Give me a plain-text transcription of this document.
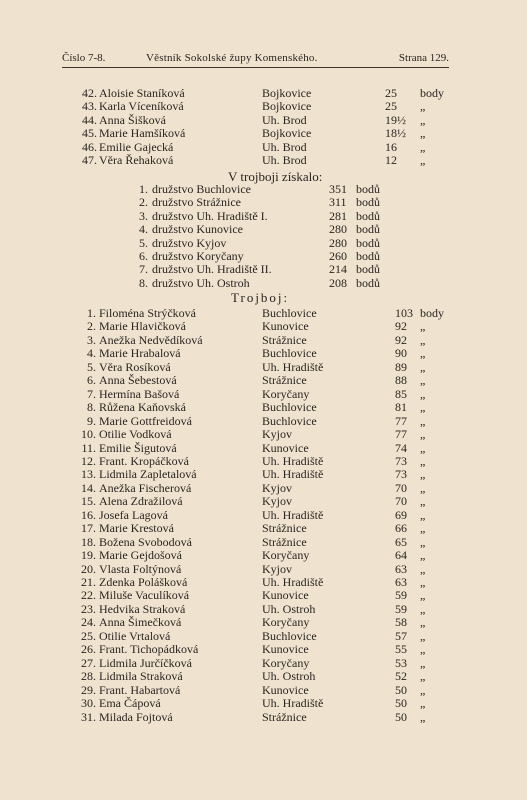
Číslo 7-8.	Věstník Sokolské župy Komenského.	Strana 129.
42. Aloisie Staníková	Bojkovice	25 body
43. Karla Víceníková	Bojkovice	25 „
44. Anna Šišková	Uh. Brod	19½ „
45. Marie Hamšíková	Bojkovice	18½ „
46. Emilie Gajecká	Uh. Brod	16 „
47. Věra Řehaková	Uh. Brod	12 „
V trojboji získalo:
1. družstvo Buchlovice	351 bodů
2. družstvo Strážnice	311 bodů
3. družstvo Uh. Hradiště I.	281 bodů
4. družstvo Kunovice	280 bodů
5. družstvo Kyjov	280 bodů
6. družstvo Koryčany	260 bodů
7. družstvo Uh. Hradiště II.	214 bodů
8. družstvo Uh. Ostroh	208 bodů
Trojboj:
1. Filoména Strýčková	Buchlovice	103 body
2. Marie Hlavičková	Kunovice	92 „
3. Anežka Nedvědíková	Strážnice	92 „
4. Marie Hrabalová	Buchlovice	90 „
5. Věra Rosíková	Uh. Hradiště	89 „
6. Anna Šebestová	Strážnice	88 „
7. Hermína Bašová	Koryčany	85 „
8. Růžena Kaňovská	Buchlovice	81 „
9. Marie Gottfreidová	Buchlovice	77 „
10. Otilie Vodková	Kyjov	77 „
11. Emilie Šigutová	Kunovice	74 „
12. Frant. Kropáčková	Uh. Hradiště	73 „
13. Lidmila Zapletalová	Uh. Hradiště	73 „
14. Anežka Fischerová	Kyjov	70 „
15. Alena Zdražilová	Kyjov	70 „
16. Josefa Lagová	Uh. Hradiště	69 „
17. Marie Krestová	Strážnice	66 „
18. Božena Svobodová	Strážnice	65 „
19. Marie Gejdošová	Koryčany	64 „
20. Vlasta Foltýnová	Kyjov	63 „
21. Zdenka Polášková	Uh. Hradiště	63 „
22. Miluše Vaculíková	Kunovice	59 „
23. Hedvika Straková	Uh. Ostroh	59 „
24. Anna Šimečková	Koryčany	58 „
25. Otilie Vrtalová	Buchlovice	57 „
26. Frant. Tichopádková	Kunovice	55 „
27. Lidmila Jurčíčková	Koryčany	53 „
28. Lidmila Straková	Uh. Ostroh	52 „
29. Frant. Habartová	Kunovice	50 „
30. Ema Čápová	Uh. Hradiště	50 „
31. Milada Fojtová	Strážnice	50 „
